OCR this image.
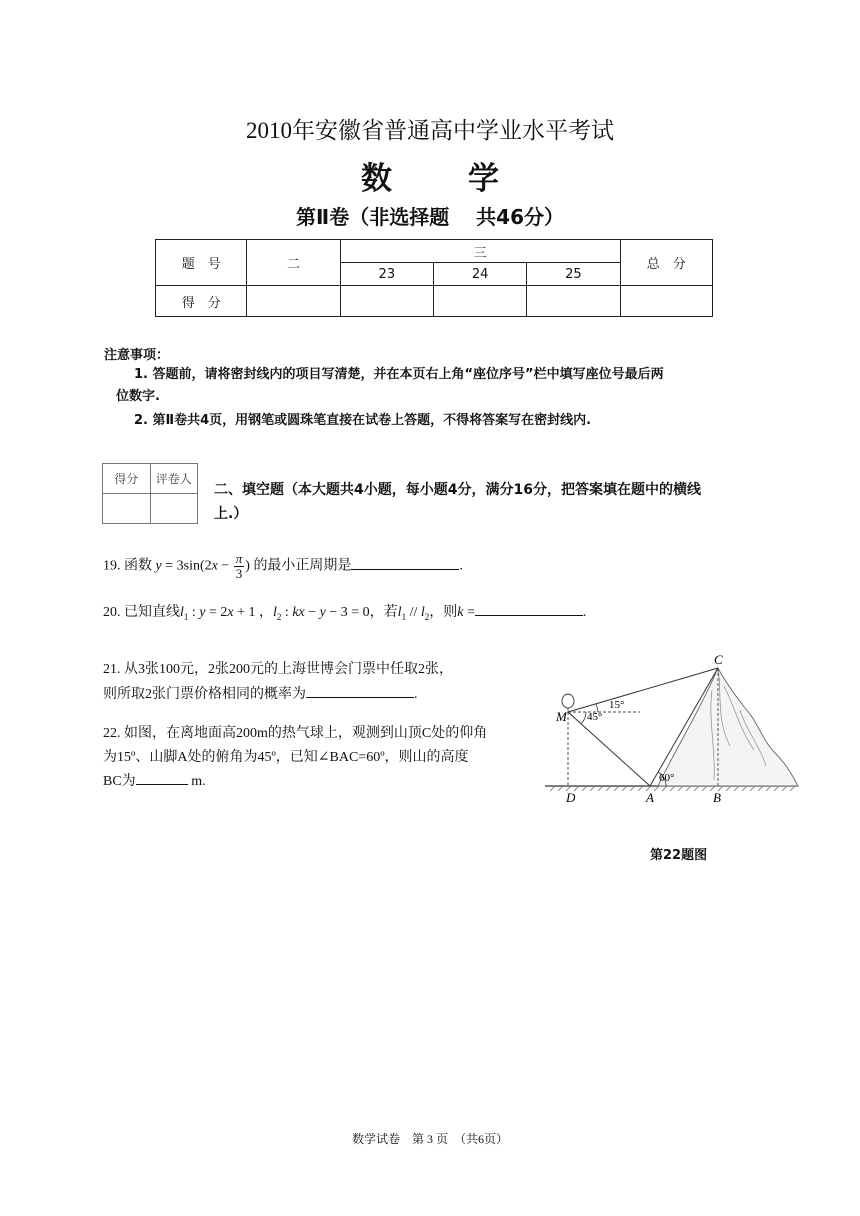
2010年安徽省普通高中学业水平考试
数 学
第Ⅱ卷（非选择题　 共46分）
题　号	二	三			总　分
		23	24	25	
得　分					
注意事项：
1. 答题前，请将密封线内的项目写清楚，并在本页右上角“座位序号”栏中填写座位号最后两
位数字.
2. 第Ⅱ卷共4页，用钢笔或圆珠笔直接在试卷上答题，不得将答案写在密封线内.
得分	评卷人

二、填空题（本大题共4小题，每小题4分，满分16分，把答案填在题中的横线
上.）
19. 函数 $y = 3\sin(2x - \frac{\pi}{3}$ ) 的最小正周期是	.
20. 已知直线$l_1$ : y = 2x + 1 ，$l_2$ : kx − y − 3 = 0，若$l_1 // l_2$，则k =	.
21. 从3张100元，2张200元的上海世博会门票中任取2张，
则所取2张门票价格相同的概率为	.
22. 如图，在离地面高200m的热气球上，观测到山顶C处的仰角
为15º、山脚A处的俯角为45º，已知∠BAC=60º，则山的高度
BC为	m.
C
M
D	A	B
15°
45°
60°
第22题图
数学试卷　第 3 页　（共6页）
